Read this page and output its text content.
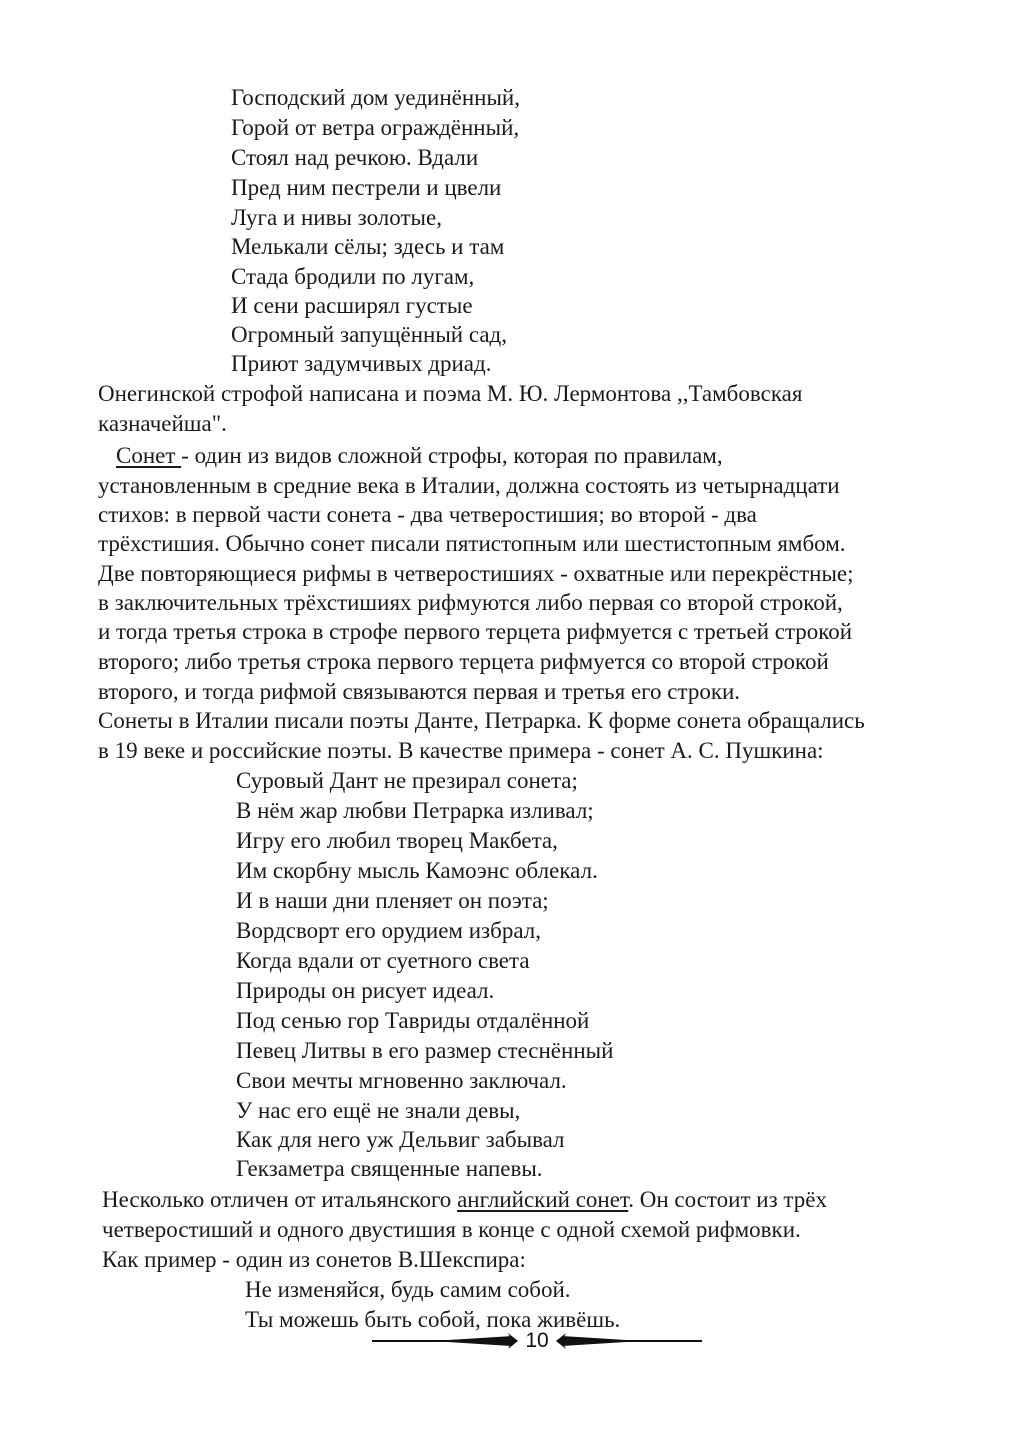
Господский дом уединённый,
Горой от ветра ограждённый,
Стоял над речкою. Вдали
Пред ним пестрели и цвели
Луга и нивы золотые,
Мелькали сёлы; здесь и там
Стада бродили по лугам,
И сени расширял густые
Огромный запущённый сад,
Приют задумчивых дриад.
Онегинской строфой написана и поэма М. Ю. Лермонтова ,,Тамбовская
казначейша".
Сонет - один из видов сложной строфы, которая по правилам,
установленным в средние века в Италии, должна состоять из четырнадцати
стихов: в первой части сонета - два четверостишия; во второй - два
трёхстишия. Обычно сонет писали пятистопным или шестистопным ямбом.
Две повторяющиеся рифмы в четверостишиях - охватные или перекрёстные;
в заключительных трёхстишиях рифмуются либо первая со второй строкой,
и тогда третья строка в строфе первого терцета рифмуется с третьей строкой
второго; либо третья строка первого терцета рифмуется со второй строкой
второго, и тогда рифмой связываются первая и третья его строки.
Сонеты в Италии писали поэты Данте, Петрарка. К форме сонета обращались
в 19 веке и российские поэты. В качестве примера - сонет А. С. Пушкина:
Суровый Дант не презирал сонета;
В нём жар любви Петрарка изливал;
Игру его любил творец Макбета,
Им скорбну мысль Камоэнс облекал.
И в наши дни пленяет он поэта;
Вордсворт его орудием избрал,
Когда вдали от суетного света
Природы он рисует идеал.
Под сенью гор Тавриды отдалённой
Певец Литвы в его размер стеснённый
Свои мечты мгновенно заключал.
У нас его ещё не знали девы,
Как для него уж Дельвиг забывал
Гекзаметра священные напевы.
Несколько отличен от итальянского английский сонет. Он состоит из трёх
четверостиший и одного двустишия в конце с одной схемой рифмовки.
Как пример - один из сонетов В.Шекспира:
Не изменяйся, будь самим собой.
Ты можешь быть собой, пока живёшь.
10
